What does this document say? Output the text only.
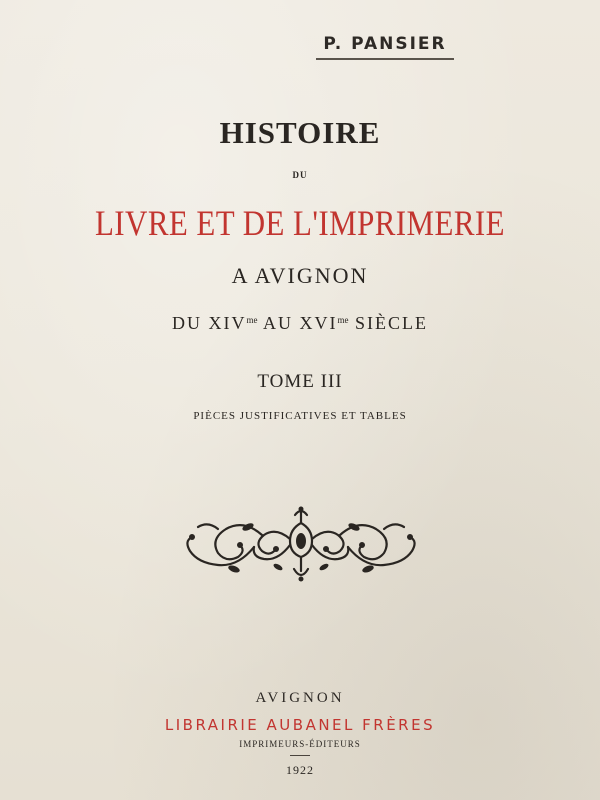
P. PANSIER
HISTOIRE
DU
LIVRE ET DE L'IMPRIMERIE
A AVIGNON
DU $XIV^{me}$ AU $XVI^{me}$ SIÈCLE
TOME III
PIÈCES JUSTIFICATIVES ET TABLES
AVIGNON
LIBRAIRIE AUBANEL FRÈRES
IMPRIMEURS-ÉDITEURS
1922
